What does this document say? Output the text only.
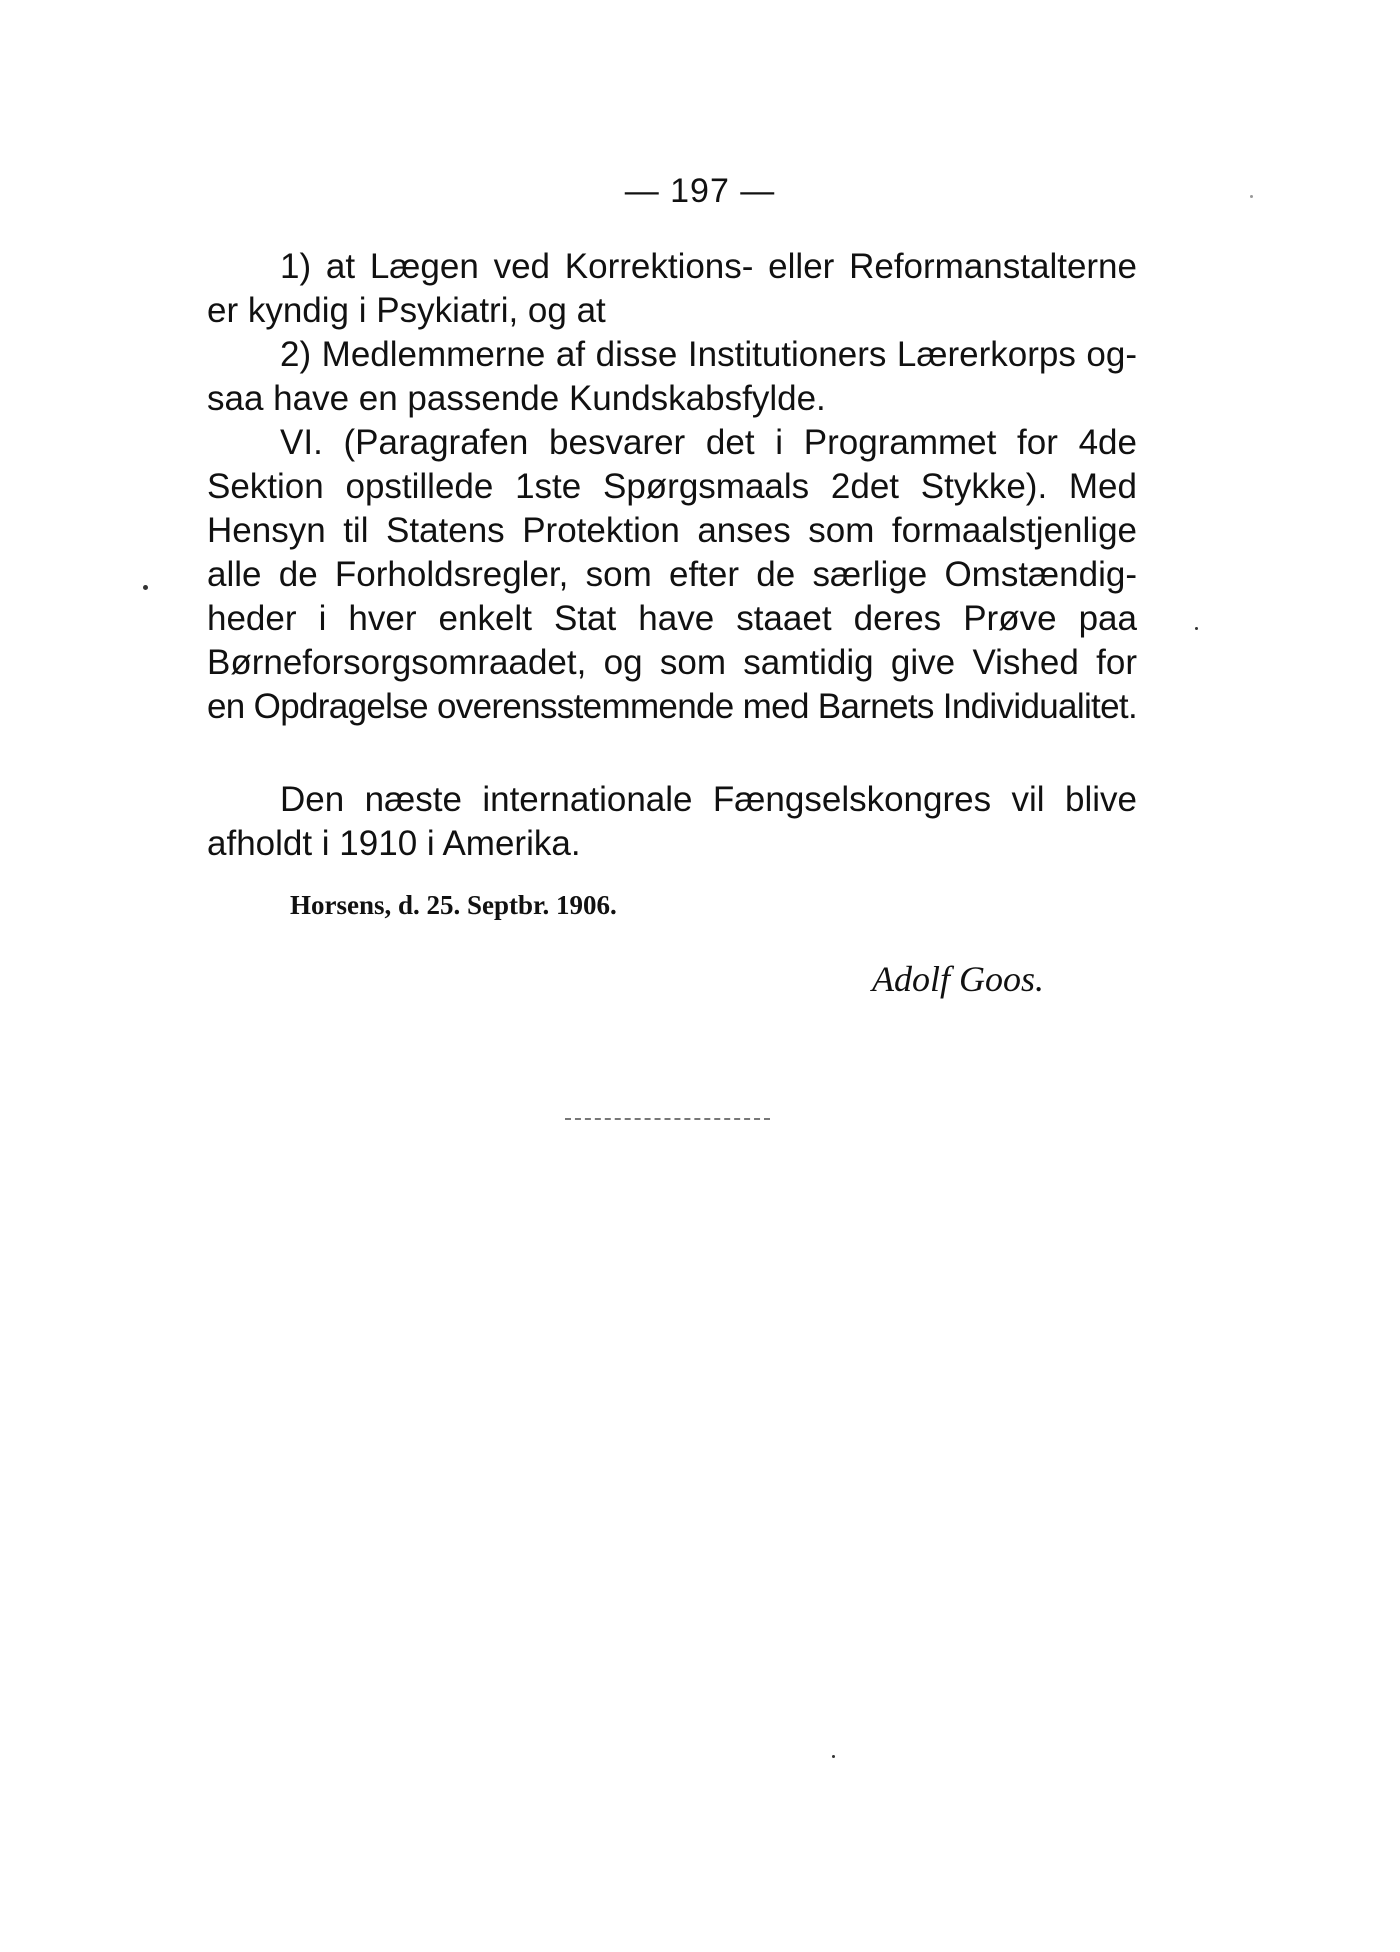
— 197 —
1) at Lægen ved Korrektions- eller Reformanstalterne
er kyndig i Psykiatri, og at
2) Medlemmerne af disse Institutioners Lærerkorps og-
saa have en passende Kundskabsfylde.
VI. (Paragrafen besvarer det i Programmet for 4de
Sektion opstillede 1ste Spørgsmaals 2det Stykke). Med
Hensyn til Statens Protektion anses som formaalstjenlige
alle de Forholdsregler, som efter de særlige Omstændig-
heder i hver enkelt Stat have staaet deres Prøve paa
Børneforsorgsomraadet, og som samtidig give Vished for
en Opdragelse overensstemmende med Barnets Individualitet.
Den næste internationale Fængselskongres vil blive
afholdt i 1910 i Amerika.
Horsens, d. 25. Septbr. 1906.
Adolf Goos.
